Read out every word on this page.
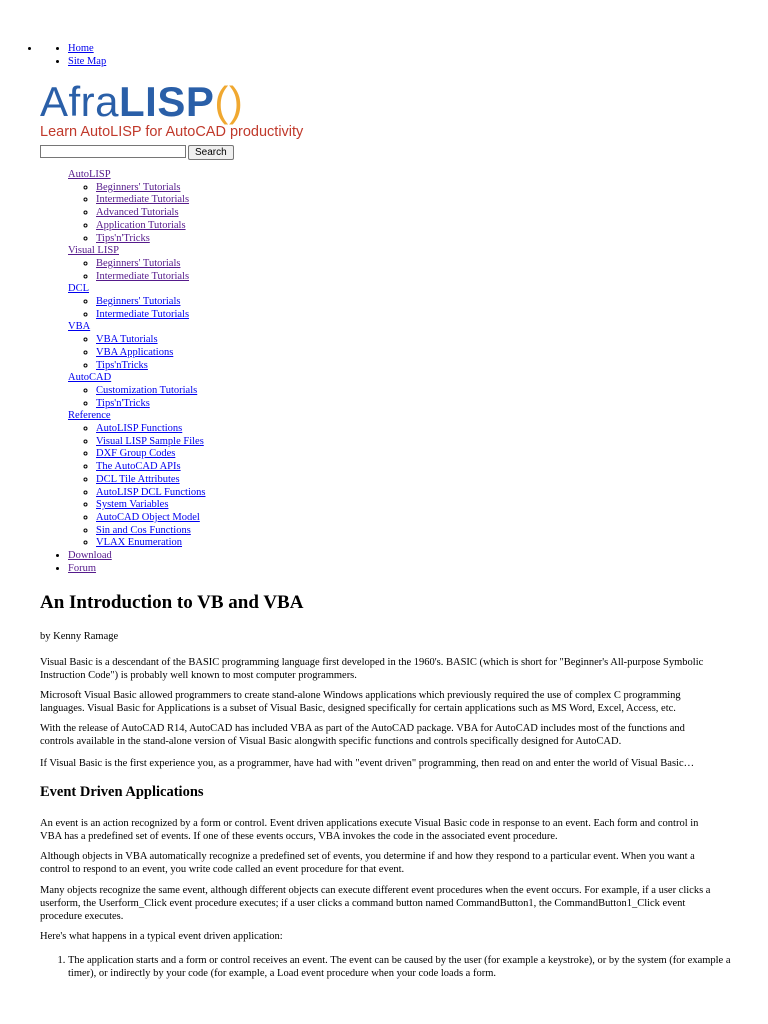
• • Home
• Site Map
AfraLISP()
Learn AutoLISP for AutoCAD productivity
Search
AutoLISP
◦ Beginners' Tutorials
◦ Intermediate Tutorials
◦ Advanced Tutorials
◦ Application Tutorials
◦ Tips'n'Tricks
Visual LISP
◦ Beginners' Tutorials
◦ Intermediate Tutorials
DCL
◦ Beginners' Tutorials
◦ Intermediate Tutorials
VBA
◦ VBA Tutorials
◦ VBA Applications
◦ Tips'nTricks
AutoCAD
◦ Customization Tutorials
◦ Tips'n'Tricks
Reference
◦ AutoLISP Functions
◦ Visual LISP Sample Files
◦ DXF Group Codes
◦ The AutoCAD APIs
◦ DCL Tile Attributes
◦ AutoLISP DCL Functions
◦ System Variables
◦ AutoCAD Object Model
◦ Sin and Cos Functions
◦ VLAX Enumeration
• Download
• Forum
An Introduction to VB and VBA

by Kenny Ramage

Visual Basic is a descendant of the BASIC programming language first developed in the 1960's. BASIC (which is short for "Beginner's All-purpose Symbolic Instruction Code") is probably well known to most computer programmers.

Microsoft Visual Basic allowed programmers to create stand-alone Windows applications which previously required the use of complex C programming languages. Visual Basic for Applications is a subset of Visual Basic, designed specifically for certain applications such as MS Word, Excel, Access, etc.

With the release of AutoCAD R14, AutoCAD has included VBA as part of the AutoCAD package. VBA for AutoCAD includes most of the functions and controls available in the stand-alone version of Visual Basic alongwith specific functions and controls specifically designed for AutoCAD.

If Visual Basic is the first experience you, as a programmer, have had with "event driven" programming, then read on and enter the world of Visual Basic…

Event Driven Applications

An event is an action recognized by a form or control. Event driven applications execute Visual Basic code in response to an event. Each form and control in VBA has a predefined set of events. If one of these events occurs, VBA invokes the code in the associated event procedure.

Although objects in VBA automatically recognize a predefined set of events, you determine if and how they respond to a particular event. When you want a control to respond to an event, you write code called an event procedure for that event.

Many objects recognize the same event, although different objects can execute different event procedures when the event occurs. For example, if a user clicks a userform, the Userform_Click event procedure executes; if a user clicks a command button named CommandButton1, the CommandButton1_Click event procedure executes.

Here's what happens in a typical event driven application:

1. The application starts and a form or control receives an event. The event can be caused by the user (for example a keystroke), or by the system (for example a timer), or indirectly by your code (for example, a Load event procedure when your code loads a form.
